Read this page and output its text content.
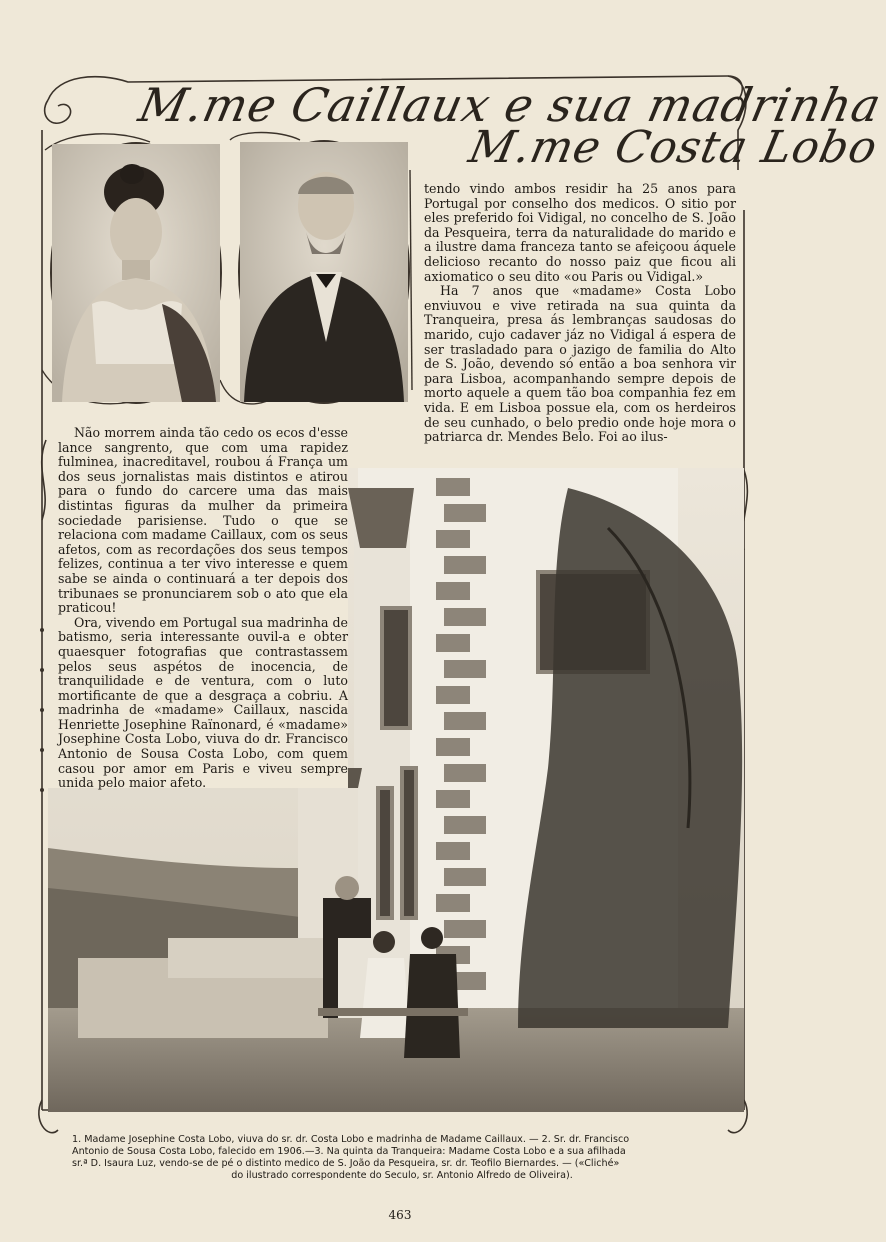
M.me Caillaux e sua madrinha
M.me Costa Lobo

tendo vindo ambos residir ha 25 anos para Portugal por conselho dos medicos. O sitio por eles preferido foi Vidigal, no concelho de S. João da Pesqueira, terra da naturalidade do marido e a ilustre dama franceza tanto se afeiçoou áquele delicioso recanto do nosso paiz que ficou ali axiomatico o seu dito «ou Paris ou Vidigal.»

Ha 7 anos que «madame» Costa Lobo enviuvou e vive retirada na sua quinta da Tranqueira, presa ás lembranças saudosas do marido, cujo cadaver jáz no Vidigal á espera de ser trasladado para o jazigo de familia do Alto de S. João, devendo só então a boa senhora vir para Lisboa, acompanhando sempre depois de morto aquele a quem tão boa companhia fez em vida. E em Lisboa possue ela, com os herdeiros de seu cunhado, o belo predio onde hoje mora o patriarca dr. Mendes Belo. Foi ao ilus-

Não morrem ainda tão cedo os ecos d'esse lance sangrento, que com uma rapidez fulminea, inacreditavel, roubou á França um dos seus jornalistas mais distintos e atirou para o fundo do carcere uma das mais distintas figuras da mulher da primeira sociedade parisiense. Tudo o que se relaciona com madame Caillaux, com os seus afetos, com as recordações dos seus tempos felizes, continua a ter vivo interesse e quem sabe se ainda o continuará a ter depois dos tribunaes se pronunciarem sob o ato que ela praticou!

Ora, vivendo em Portugal sua madrinha de batismo, seria interessante ouvil-a e obter quaesquer fotografias que contrastassem pelos seus aspétos de inocencia, de tranquilidade e de ventura, com o luto mortificante de que a desgraça a cobriu. A madrinha de «madame» Caillaux, nascida Henriette Josephine Raïnonard, é «madame» Josephine Costa Lobo, viuva do dr. Francisco Antonio de Sousa Costa Lobo, com quem casou por amor em Paris e viveu sempre unida pelo maior afeto.

1. Madame Josephine Costa Lobo, viuva do sr. dr. Costa Lobo e madrinha de Madame Caillaux. — 2. Sr. dr. Francisco
Antonio de Sousa Costa Lobo, falecido em 1906.—3. Na quinta da Tranqueira: Madame Costa Lobo e a sua afilhada
sr.ª D. Isaura Luz, vendo-se de pé o distinto medico de S. João da Pesqueira, sr. dr. Teofilo Biernardes. — («Cliché»
do ilustrado correspondente do Seculo, sr. Antonio Alfredo de Oliveira).
463
